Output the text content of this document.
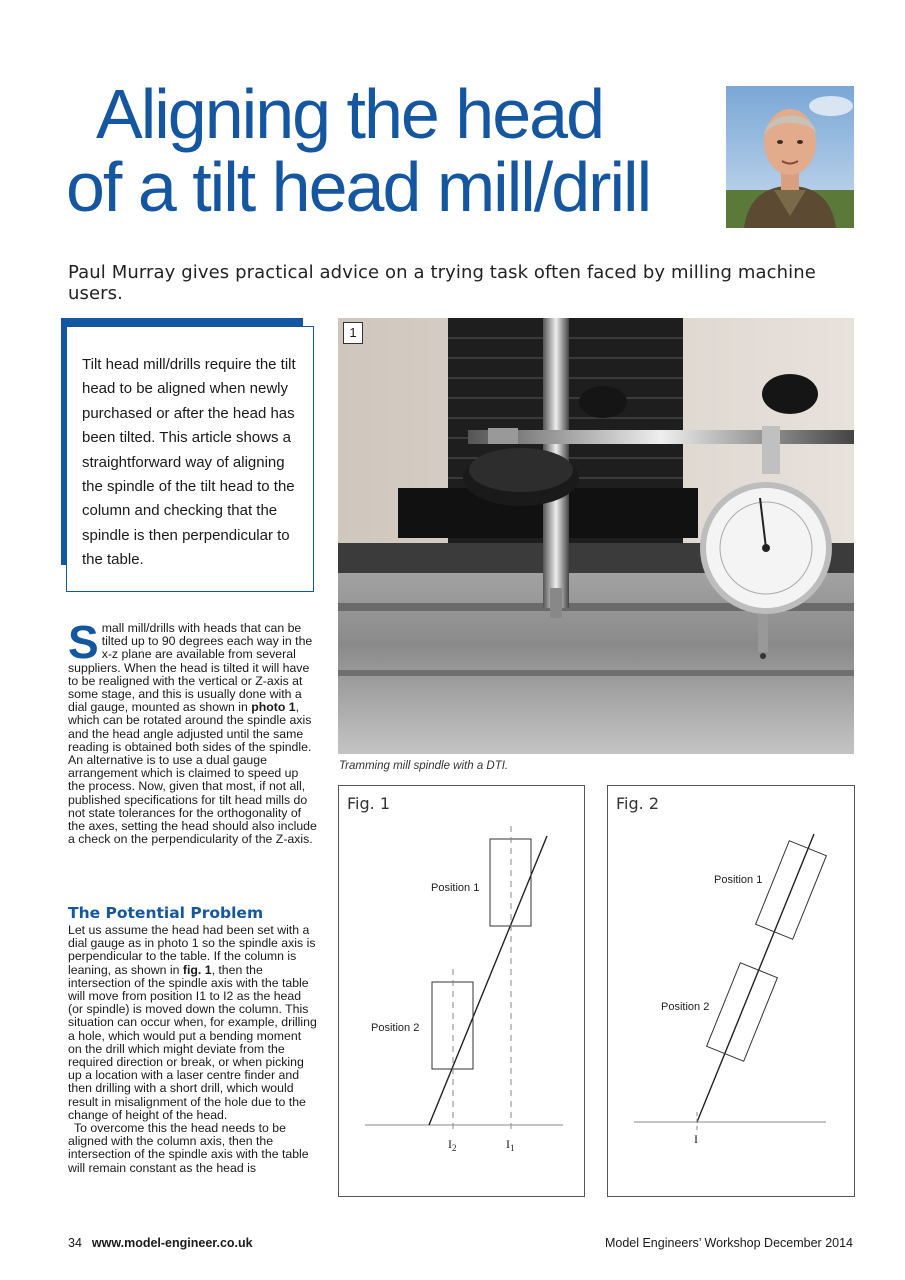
Aligning the head
of a tilt head mill/drill
Paul Murray gives practical advice on a trying task often faced by milling machine users.

Tilt head mill/drills require the tilt head to be aligned when newly purchased or after the head has been tilted. This article shows a straightforward way of aligning the spindle of the tilt head to the column and checking that the spindle is then perpendicular to the table.

Small mill/drills with heads that can be tilted up to 90 degrees each way in the x-z plane are available from several suppliers. When the head is tilted it will have to be realigned with the vertical or Z-axis at some stage, and this is usually done with a dial gauge, mounted as shown in photo 1, which can be rotated around the spindle axis and the head angle adjusted until the same reading is obtained both sides of the spindle. An alternative is to use a dual gauge arrangement which is claimed to speed up the process. Now, given that most, if not all, published specifications for tilt head mills do not state tolerances for the orthogonality of the axes, setting the head should also include a check on the perpendicularity of the Z-axis.

The Potential Problem

Let us assume the head had been set with a dial gauge as in photo 1 so the spindle axis is perpendicular to the table. If the column is leaning, as shown in fig. 1, then the intersection of the spindle axis with the table will move from position I1 to I2 as the head (or spindle) is moved down the column. This situation can occur when, for example, drilling a hole, which would put a bending moment on the drill which might deviate from the required direction or break, or when picking up a location with a laser centre finder and then drilling with a short drill, which would result in misalignment of the hole due to the change of height of the head.

To overcome this the head needs to be aligned with the column axis, then the intersection of the spindle axis with the table will remain constant as the head is

1
Tramming mill spindle with a DTI.
Position 1
Position 2
$I_2$	$I_1$
Fig. 1
Position 1
Position 2
I
Fig. 2
34 www.model-engineer.co.uk	Model Engineers’ Workshop December 2014
